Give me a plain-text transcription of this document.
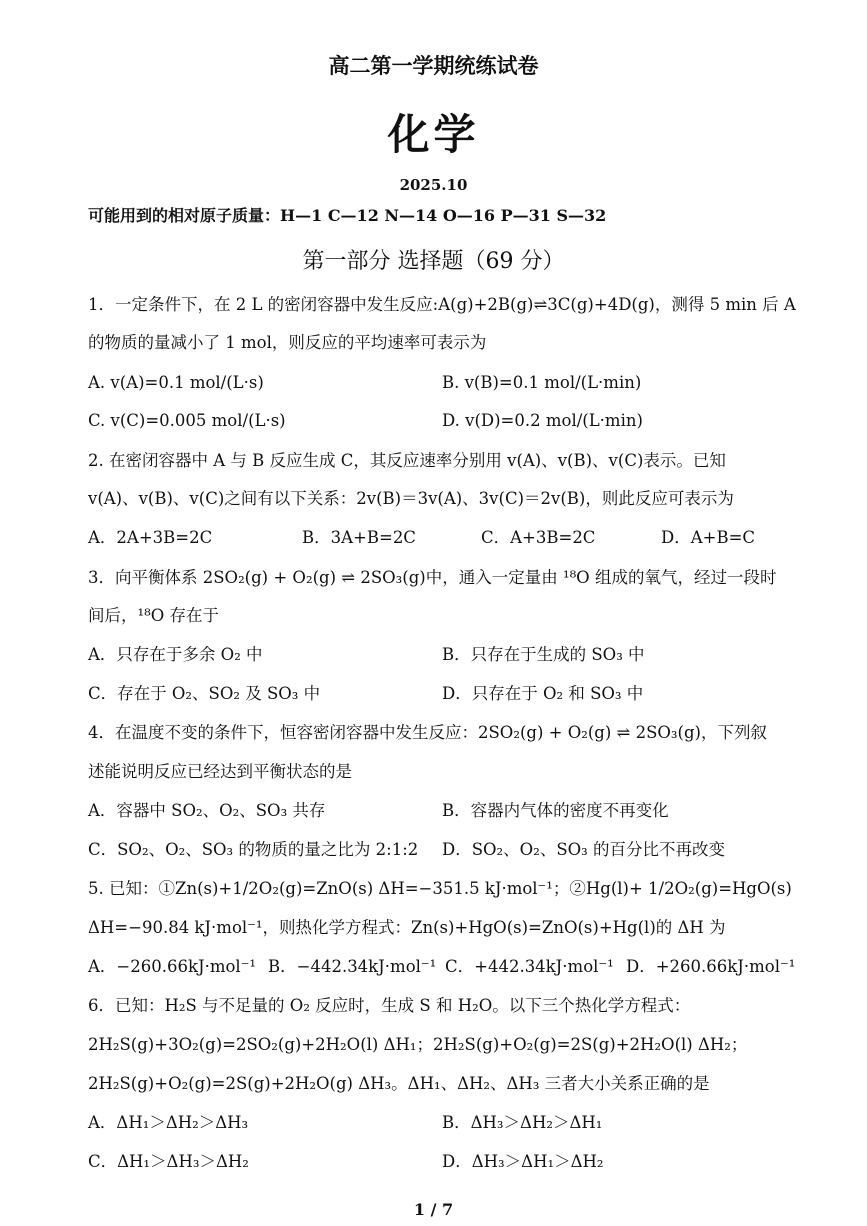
高二第一学期统练试卷
化学
2025.10
可能用到的相对原子质量：H—1 C—12 N—14 O—16 P—31 S—32
第一部分 选择题（69 分）
1．一定条件下，在 2 L 的密闭容器中发生反应:A(g)+2B(g)⇌3C(g)+4D(g)，测得 5 min 后 A
的物质的量减小了 1 mol，则反应的平均速率可表示为
A. v(A)=0.1 mol/(L·s)	B. v(B)=0.1 mol/(L·min)
C. v(C)=0.005 mol/(L·s)	D. v(D)=0.2 mol/(L·min)
2. 在密闭容器中 A 与 B 反应生成 C，其反应速率分别用 v(A)、v(B)、v(C)表示。已知
v(A)、v(B)、v(C)之间有以下关系：2v(B)＝3v(A)、3v(C)＝2v(B)，则此反应可表示为
A．2A+3B=2C	B．3A+B=2C	C．A+3B=2C	D．A+B=C
3．向平衡体系 2SO₂(g) + O₂(g) ⇌ 2SO₃(g)中，通入一定量由 ¹⁸O 组成的氧气，经过一段时
间后，¹⁸O 存在于
A．只存在于多余 O₂ 中	B．只存在于生成的 SO₃ 中
C．存在于 O₂、SO₂ 及 SO₃ 中	D．只存在于 O₂ 和 SO₃ 中
4．在温度不变的条件下，恒容密闭容器中发生反应：2SO₂(g) + O₂(g) ⇌ 2SO₃(g)，下列叙
述能说明反应已经达到平衡状态的是
A．容器中 SO₂、O₂、SO₃ 共存	B．容器内气体的密度不再变化
C．SO₂、O₂、SO₃ 的物质的量之比为 2:1:2 D．SO₂、O₂、SO₃ 的百分比不再改变
5. 已知：①Zn(s)+1/2O₂(g)=ZnO(s) ΔH=−351.5 kJ·mol⁻¹；②Hg(l)+ 1/2O₂(g)=HgO(s)
ΔH=−90.84 kJ·mol⁻¹，则热化学方程式：Zn(s)+HgO(s)=ZnO(s)+Hg(l)的 ΔH 为
A．−260.66kJ·mol⁻¹ B．−442.34kJ·mol⁻¹ C．+442.34kJ·mol⁻¹ D．+260.66kJ·mol⁻¹
6．已知：H₂S 与不足量的 O₂ 反应时，生成 S 和 H₂O。以下三个热化学方程式：
2H₂S(g)+3O₂(g)=2SO₂(g)+2H₂O(l) ΔH₁；2H₂S(g)+O₂(g)=2S(g)+2H₂O(l) ΔH₂；
2H₂S(g)+O₂(g)=2S(g)+2H₂O(g) ΔH₃。ΔH₁、ΔH₂、ΔH₃ 三者大小关系正确的是
A．ΔH₁＞ΔH₂＞ΔH₃	B．ΔH₃＞ΔH₂＞ΔH₁
C．ΔH₁＞ΔH₃＞ΔH₂	D．ΔH₃＞ΔH₁＞ΔH₂
1 / 7
